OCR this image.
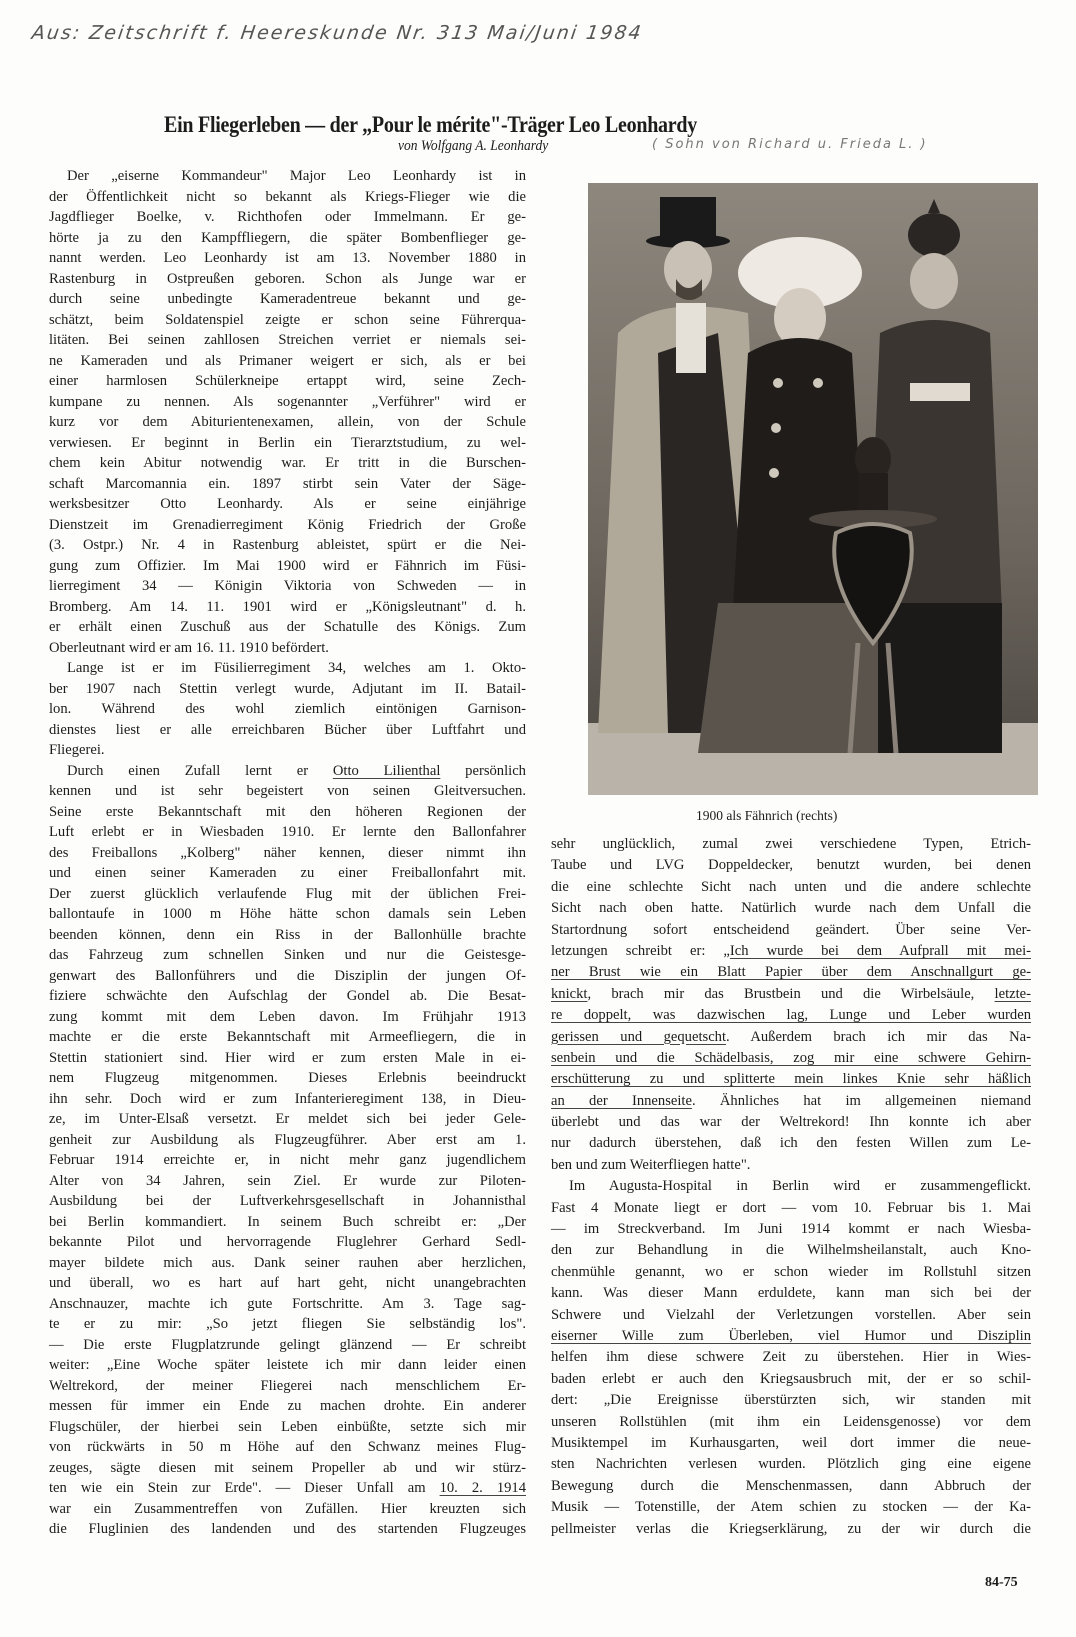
Aus: Zeitschrift f. Heereskunde Nr. 313 Mai/Juni 1984
Ein Fliegerleben — der „Pour le mérite"-Träger Leo Leonhardy
von Wolfgang A. Leonhardy	( Sohn von Richard u. Frieda L. )
Der „eiserne Kommandeur" Major Leo Leonhardy ist in
der Öffentlichkeit nicht so bekannt als Kriegs-Flieger wie die
Jagdflieger Boelke, v. Richthofen oder Immelmann. Er ge-
hörte ja zu den Kampffliegern, die später Bombenflieger ge-
nannt werden. Leo Leonhardy ist am 13. November 1880 in
Rastenburg in Ostpreußen geboren. Schon als Junge war er
durch seine unbedingte Kameradentreue bekannt und ge-
schätzt, beim Soldatenspiel zeigte er schon seine Führerqua-
litäten. Bei seinen zahllosen Streichen verriet er niemals sei-
ne Kameraden und als Primaner weigert er sich, als er bei
einer harmlosen Schülerkneipe ertappt wird, seine Zech-
kumpane zu nennen. Als sogenannter „Verführer" wird er
kurz vor dem Abiturientenexamen, allein, von der Schule
verwiesen. Er beginnt in Berlin ein Tierarztstudium, zu wel-
chem kein Abitur notwendig war. Er tritt in die Burschen-
schaft Marcomannia ein. 1897 stirbt sein Vater der Säge-
werksbesitzer Otto Leonhardy. Als er seine einjährige
Dienstzeit im Grenadierregiment König Friedrich der Große
(3. Ostpr.) Nr. 4 in Rastenburg ableistet, spürt er die Nei-
gung zum Offizier. Im Mai 1900 wird er Fähnrich im Füsi-
lierregiment 34 — Königin Viktoria von Schweden — in
Bromberg. Am 14. 11. 1901 wird er „Königsleutnant" d. h.
er erhält einen Zuschuß aus der Schatulle des Königs. Zum
Oberleutnant wird er am 16. 11. 1910 befördert.
Lange ist er im Füsilierregiment 34, welches am 1. Okto-
ber 1907 nach Stettin verlegt wurde, Adjutant im II. Batail-
lon. Während des wohl ziemlich eintönigen Garnison-
dienstes liest er alle erreichbaren Bücher über Luftfahrt und
Fliegerei.
Durch einen Zufall lernt er Otto Lilienthal persönlich
kennen und ist sehr begeistert von seinen Gleitversuchen.
Seine erste Bekanntschaft mit den höheren Regionen der
Luft erlebt er in Wiesbaden 1910. Er lernte den Ballonfahrer
des Freiballons „Kolberg" näher kennen, dieser nimmt ihn
und einen seiner Kameraden zu einer Freiballonfahrt mit.
Der zuerst glücklich verlaufende Flug mit der üblichen Frei-
ballontaufe in 1000 m Höhe hätte schon damals sein Leben
beenden können, denn ein Riss in der Ballonhülle brachte
das Fahrzeug zum schnellen Sinken und nur die Geistesge-
genwart des Ballonführers und die Disziplin der jungen Of-
fiziere schwächte den Aufschlag der Gondel ab. Die Besat-
zung kommt mit dem Leben davon. Im Frühjahr 1913
machte er die erste Bekanntschaft mit Armeefliegern, die in
Stettin stationiert sind. Hier wird er zum ersten Male in ei-
nem Flugzeug mitgenommen. Dieses Erlebnis beeindruckt
ihn sehr. Doch wird er zum Infanterieregiment 138, in Dieu-
ze, im Unter-Elsaß versetzt. Er meldet sich bei jeder Gele-
genheit zur Ausbildung als Flugzeugführer. Aber erst am 1.
Februar 1914 erreichte er, in nicht mehr ganz jugendlichem
Alter von 34 Jahren, sein Ziel. Er wurde zur Piloten-
Ausbildung bei der Luftverkehrsgesellschaft in Johannisthal
bei Berlin kommandiert. In seinem Buch schreibt er: „Der
bekannte Pilot und hervorragende Fluglehrer Gerhard Sedl-
mayer bildete mich aus. Dank seiner rauhen aber herzlichen,
und überall, wo es hart auf hart geht, nicht unangebrachten
Anschnauzer, machte ich gute Fortschritte. Am 3. Tage sag-
te er zu mir: „So jetzt fliegen Sie selbständig los".
— Die erste Flugplatzrunde gelingt glänzend — Er schreibt
weiter: „Eine Woche später leistete ich mir dann leider einen
Weltrekord, der meiner Fliegerei nach menschlichem Er-
messen für immer ein Ende zu machen drohte. Ein anderer
Flugschüler, der hierbei sein Leben einbüßte, setzte sich mir
von rückwärts in 50 m Höhe auf den Schwanz meines Flug-
zeuges, sägte diesen mit seinem Propeller ab und wir stürz-
ten wie ein Stein zur Erde". — Dieser Unfall am 10. 2. 1914
war ein Zusammentreffen von Zufällen. Hier kreuzten sich
die Fluglinien des landenden und des startenden Flugzeuges
1900 als Fähnrich (rechts)
sehr unglücklich, zumal zwei verschiedene Typen, Etrich-
Taube und LVG Doppeldecker, benutzt wurden, bei denen
die eine schlechte Sicht nach unten und die andere schlechte
Sicht nach oben hatte. Natürlich wurde nach dem Unfall die
Startordnung sofort entscheidend geändert. Über seine Ver-
letzungen schreibt er: „Ich wurde bei dem Aufprall mit mei-
ner Brust wie ein Blatt Papier über dem Anschnallgurt ge-
knickt, brach mir das Brustbein und die Wirbelsäule, letzte-
re doppelt, was dazwischen lag, Lunge und Leber wurden
gerissen und gequetscht. Außerdem brach ich mir das Na-
senbein und die Schädelbasis, zog mir eine schwere Gehirn-
erschütterung zu und splitterte mein linkes Knie sehr häßlich
an der Innenseite. Ähnliches hat im allgemeinen niemand
überlebt und das war der Weltrekord! Ihn konnte ich aber
nur dadurch überstehen, daß ich den festen Willen zum Le-
ben und zum Weiterfliegen hatte".
Im Augusta-Hospital in Berlin wird er zusammengeflickt.
Fast 4 Monate liegt er dort — vom 10. Februar bis 1. Mai
— im Streckverband. Im Juni 1914 kommt er nach Wiesba-
den zur Behandlung in die Wilhelmsheilanstalt, auch Kno-
chenmühle genannt, wo er schon wieder im Rollstuhl sitzen
kann. Was dieser Mann erduldete, kann man sich bei der
Schwere und Vielzahl der Verletzungen vorstellen. Aber sein
eiserner Wille zum Überleben, viel Humor und Disziplin
helfen ihm diese schwere Zeit zu überstehen. Hier in Wies-
baden erlebt er auch den Kriegsausbruch mit, der er so schil-
dert: „Die Ereignisse überstürzten sich, wir standen mit
unseren Rollstühlen (mit ihm ein Leidensgenosse) vor dem
Musiktempel im Kurhausgarten, weil dort immer die neue-
sten Nachrichten verlesen wurden. Plötzlich ging eine eigene
Bewegung durch die Menschenmassen, dann Abbruch der
Musik — Totenstille, der Atem schien zu stocken — der Ka-
pellmeister verlas die Kriegserklärung, zu der wir durch die
84-75
